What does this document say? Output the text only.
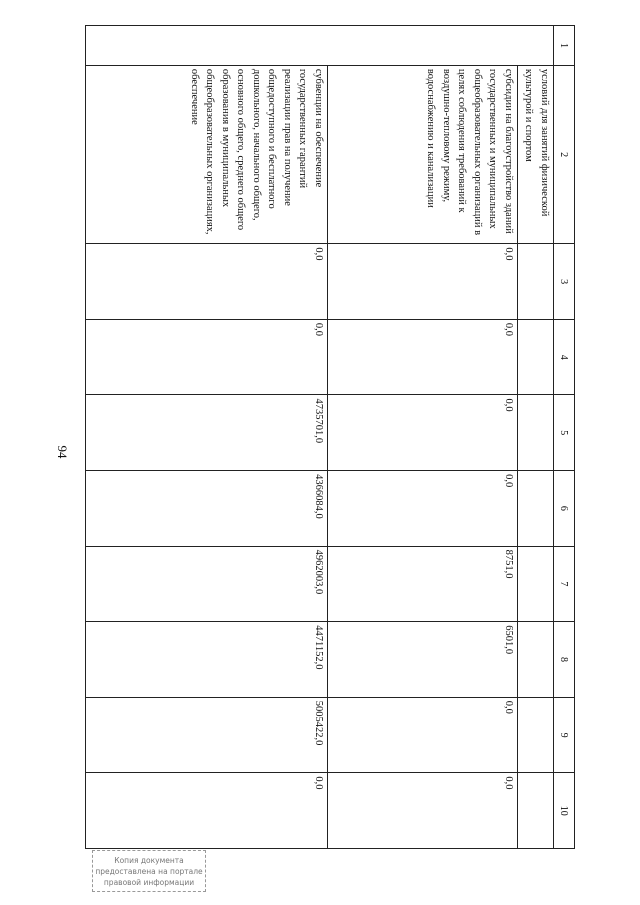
94
1	2	3	4	5	6	7	8	9	10
	условий для занятий физической культурой и спортом								
	субсидии на благоустройство зданий государственных и муниципальных общеобразовательных организаций в целях соблюдения требований к воздушно-тепловому режиму, водоснабжению и канализации	0,0	0,0	0,0	0,0	8751,0	6501,0	0,0	0,0
	субвенции на обеспечение государственных гарантий реализации прав на получение общедоступного и бесплатного дошкольного, начального общего, основного общего, среднего общего образования в муниципальных общеобразовательных организациях, обеспечение	0,0	0,0	4735701,0	4366084,0	4962003,0	4471152,0	5005422,0	0,0
Копия документа предоставлена на портале правовой информации
